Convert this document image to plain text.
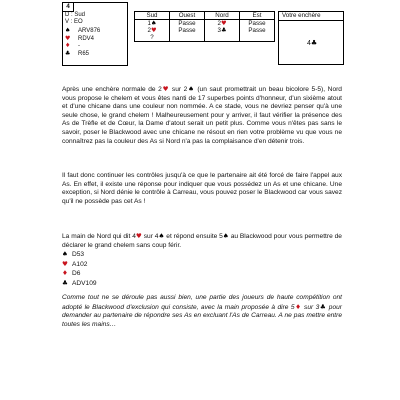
4
D : Sud
V : EO
♠ ARV876
♥ RDV4
♦ -
♣ R65
Sud	Ouest	Nord	Est
1♠	Passe	2♥	Passe
2♥	Passe	3♣	Passe
?			
Votre enchère
4♣
Après une enchère normale de 2♥ sur 2♠ (un saut promettrait un beau bicolore 5-5), Nord vous propose le chelem et vous êtes nanti de 17 superbes points d'honneur, d'un sixième atout et d'une chicane dans une couleur non nommée. A ce stade, vous ne devriez penser qu'à une seule chose, le grand chelem ! Malheureusement pour y arriver, il faut vérifier la présence des As de Trèfle et de Cœur, la Dame d'atout serait un petit plus. Comme vous n'êtes pas sans le savoir, poser le Blackwood avec une chicane ne résout en rien votre problème vu que vous ne connaîtrez pas la couleur des As si Nord n'a pas la complaisance d'en détenir trois.
Il faut donc continuer les contrôles jusqu'à ce que le partenaire ait été forcé de faire l'appel aux As. En effet, il existe une réponse pour indiquer que vous possédez un As et une chicane. Une exception, si Nord dénie le contrôle à Carreau, vous pouvez poser le Blackwood car vous savez qu'il ne possède pas cet As !
La main de Nord qui dit 4♥ sur 4♠ et répond ensuite 5♠ au Blackwood pour vous permettre de déclarer le grand chelem sans coup férir.
♠ D53
♥ A102
♦ D6
♣ ADV109
Comme tout ne se déroule pas aussi bien, une partie des joueurs de haute compétition ont adopté le Blackwood d'exclusion qui consiste, avec la main proposée à dire 5♦ sur 3♣ pour demander au partenaire de répondre ses As en excluant l'As de Carreau. A ne pas mettre entre toutes les mains…
